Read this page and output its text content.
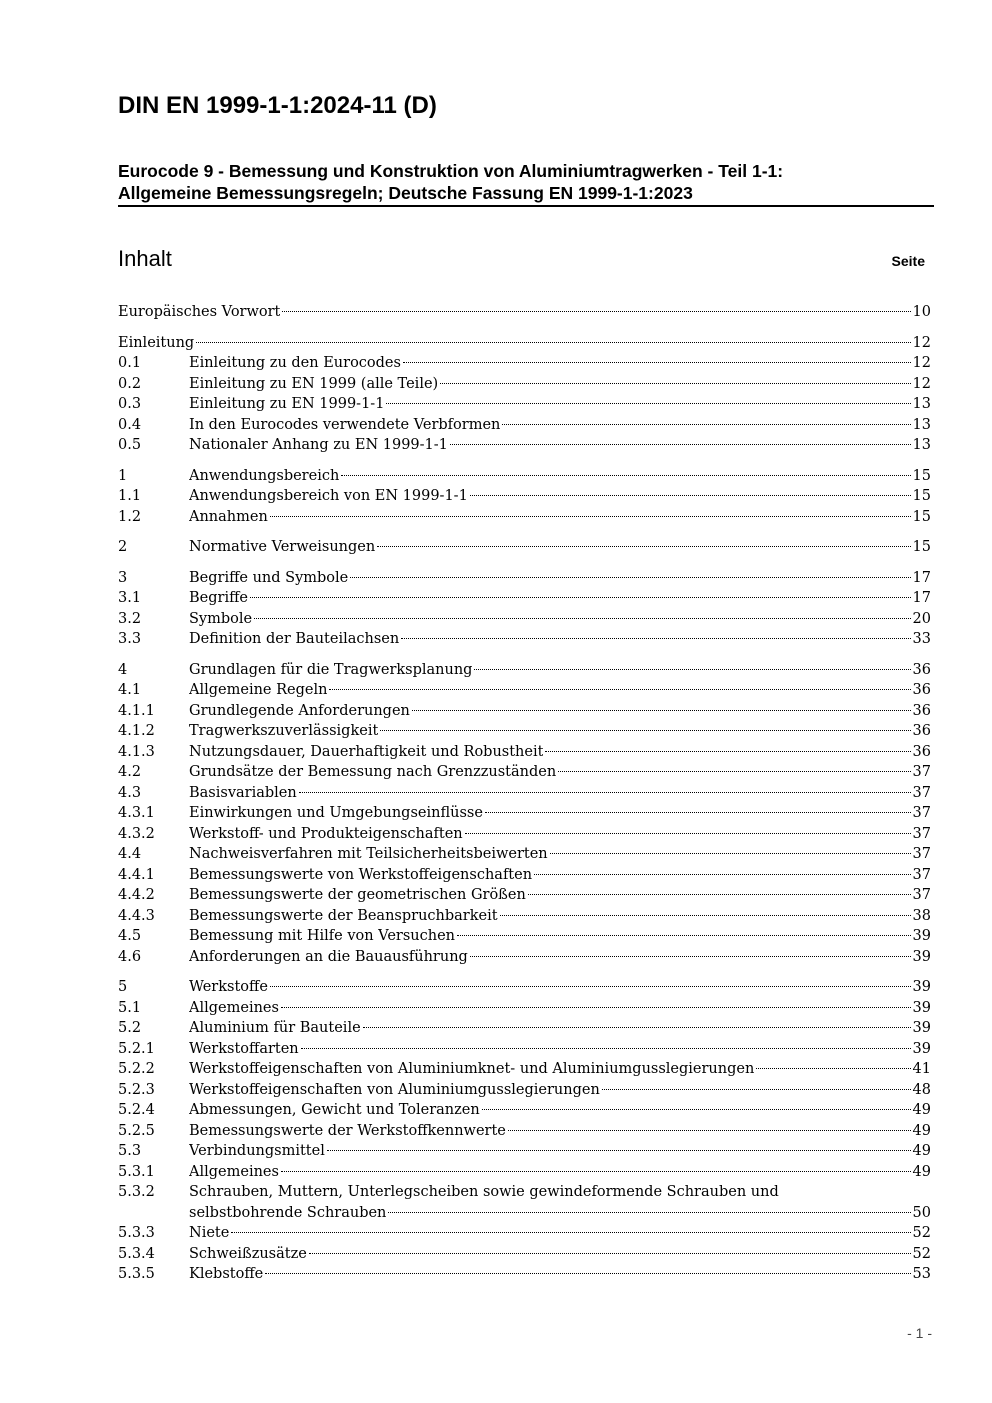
DIN EN 1999-1-1:2024-11 (D)
Eurocode 9 - Bemessung und Konstruktion von Aluminiumtragwerken - Teil 1-1:
Allgemeine Bemessungsregeln; Deutsche Fassung EN 1999-1-1:2023
Inhalt	Seite
Europäisches Vorwort	10
Einleitung	12
0.1	Einleitung zu den Eurocodes	12
0.2	Einleitung zu EN 1999 (alle Teile)	12
0.3	Einleitung zu EN 1999-1-1	13
0.4	In den Eurocodes verwendete Verbformen	13
0.5	Nationaler Anhang zu EN 1999-1-1	13
1	Anwendungsbereich	15
1.1	Anwendungsbereich von EN 1999-1-1	15
1.2	Annahmen	15
2	Normative Verweisungen	15
3	Begriffe und Symbole	17
3.1	Begriffe	17
3.2	Symbole	20
3.3	Definition der Bauteilachsen	33
4	Grundlagen für die Tragwerksplanung	36
4.1	Allgemeine Regeln	36
4.1.1	Grundlegende Anforderungen	36
4.1.2	Tragwerkszuverlässigkeit	36
4.1.3	Nutzungsdauer, Dauerhaftigkeit und Robustheit	36
4.2	Grundsätze der Bemessung nach Grenzzuständen	37
4.3	Basisvariablen	37
4.3.1	Einwirkungen und Umgebungseinflüsse	37
4.3.2	Werkstoff- und Produkteigenschaften	37
4.4	Nachweisverfahren mit Teilsicherheitsbeiwerten	37
4.4.1	Bemessungswerte von Werkstoffeigenschaften	37
4.4.2	Bemessungswerte der geometrischen Größen	37
4.4.3	Bemessungswerte der Beanspruchbarkeit	38
4.5	Bemessung mit Hilfe von Versuchen	39
4.6	Anforderungen an die Bauausführung	39
5	Werkstoffe	39
5.1	Allgemeines	39
5.2	Aluminium für Bauteile	39
5.2.1	Werkstoffarten	39
5.2.2	Werkstoffeigenschaften von Aluminiumknet- und Aluminiumgusslegierungen	41
5.2.3	Werkstoffeigenschaften von Aluminiumgusslegierungen	48
5.2.4	Abmessungen, Gewicht und Toleranzen	49
5.2.5	Bemessungswerte der Werkstoffkennwerte	49
5.3	Verbindungsmittel	49
5.3.1	Allgemeines	49
5.3.2	Schrauben, Muttern, Unterlegscheiben sowie gewindeformende Schrauben und
selbstbohrende Schrauben	50
5.3.3	Niete	52
5.3.4	Schweißzusätze	52
5.3.5	Klebstoffe	53
- 1 -
